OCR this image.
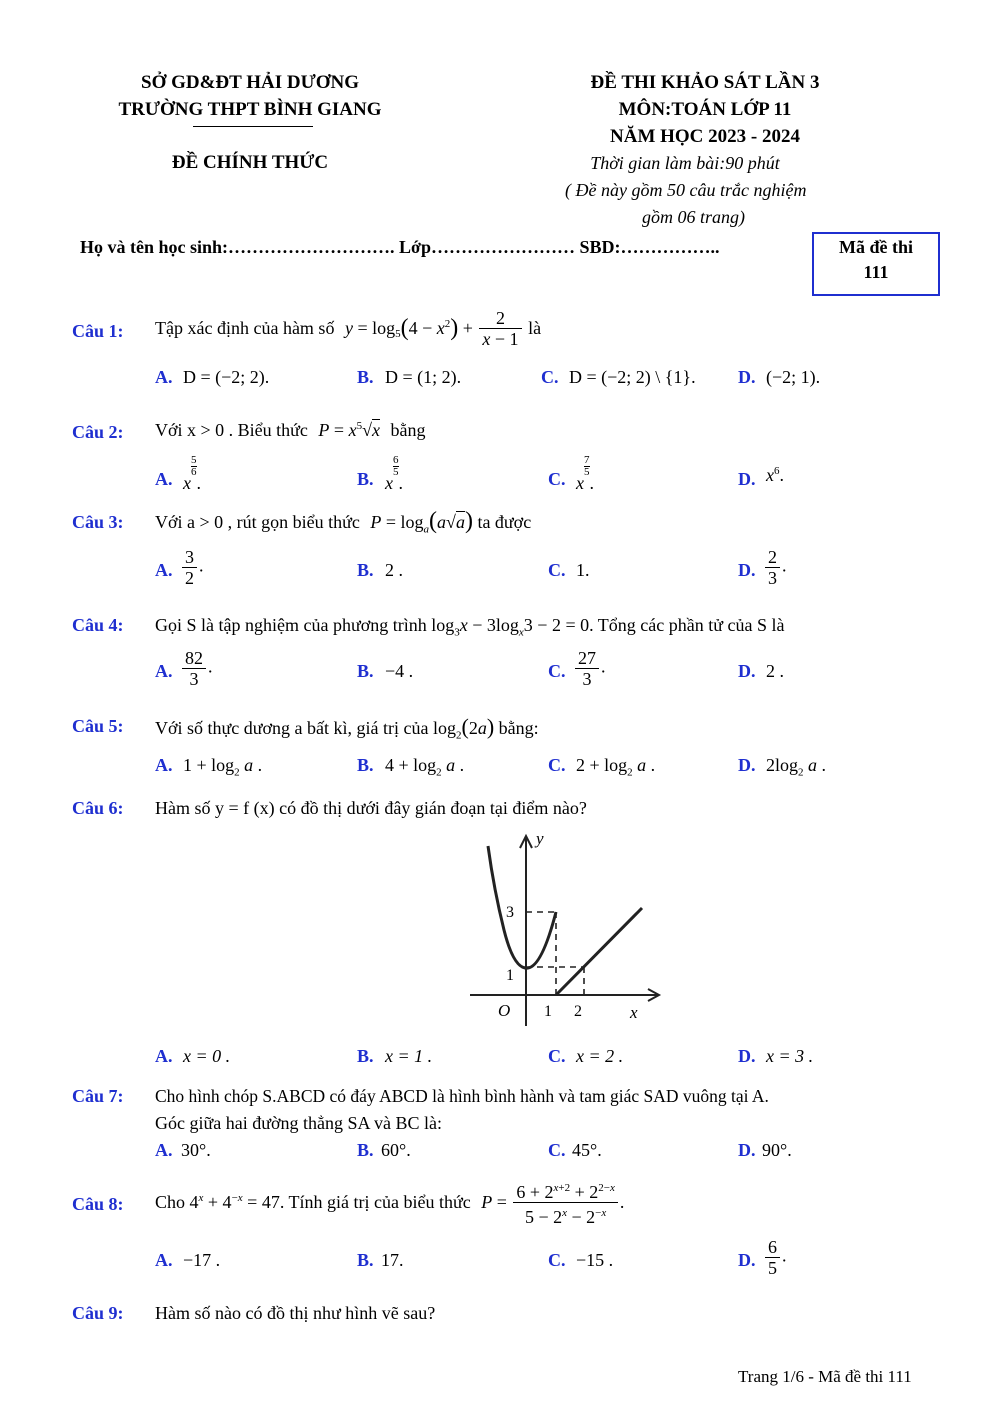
SỞ GD&ĐT HẢI DƯƠNG
TRƯỜNG THPT BÌNH GIANG
ĐỀ CHÍNH THỨC
ĐỀ THI KHẢO SÁT LẦN 3
MÔN:TOÁN LỚP 11
NĂM HỌC 2023 - 2024
Thời gian làm bài:90 phút
( Đề này gồm 50 câu trắc nghiệm
gồm 06 trang)
Họ và tên học sinh:………………………. Lớp…………………… SBD:……………..	Mã đề thi
111
Câu 1: Tập xác định của hàm số $y = \log_5(4 - x^2) + \frac{2}{x - 1}$ là
A. D = (−2; 2).	B. D = (1; 2).	C. D = (−2; 2) \ {1}. D. (−2; 1).
Câu 2: Với x > 0 . Biểu thức $P = x^5√x$ bằng
A. x
$^{\frac{5}{6}}$
.	B. x
$^{\frac{6}{5}}$
.	C. x
$^{\frac{7}{5}}$
.	D. $x^6$.
Câu 3: Với a > 0 , rút gọn biểu thức $P = \log_a(a√a)$ ta được
A. $\frac{3}{2}$ .	B. 2 .	C. 1.	D. $\frac{2}{3}$ .
Câu 4: Gọi S là tập nghiệm của phương trình $\log_3x - 3\log_x3 - 2 = 0$. Tổng các phần tử của S là
A. $\frac{82}{3}$ .	B. −4 .	C. $\frac{27}{3}$ .	D. 2 .
Câu 5: Với số thực dương a bất kì, giá trị của $\log_2(2a)$ bằng:
A. $1 + \log_2 a$ .	B. $4 + \log_2 a$ .	C. $2 + \log_2 a$ .	D. $2\log_2$ a .
Câu 6: Hàm số y = f (x) có đồ thị dưới đây gián đoạn tại điểm nào?
y
x
O
3
1
1 2
A. x = 0 .	B. x = 1 .	C. x = 2 .	D. x = 3 .
Câu 7: Cho hình chóp S.ABCD có đáy ABCD là hình bình hành và tam giác SAD vuông tại A.
Góc giữa hai đường thẳng SA và BC là:
A. 30°.	B. 60°.	C. 45°.	D. 90°.
Câu 8: Cho $4^x + 4^{-x} = 47$. Tính giá trị của biểu thức $P = \frac{6 + 2^{x+2} + 2^{2-x}}{5 - 2^x - 2^{-x}}$ .
A. −17 .	B. 17.	C. −15 .	D. $\frac{6}{5}$ .
Câu 9: Hàm số nào có đồ thị như hình vẽ sau?
Trang 1/6 - Mã đề thi 111
